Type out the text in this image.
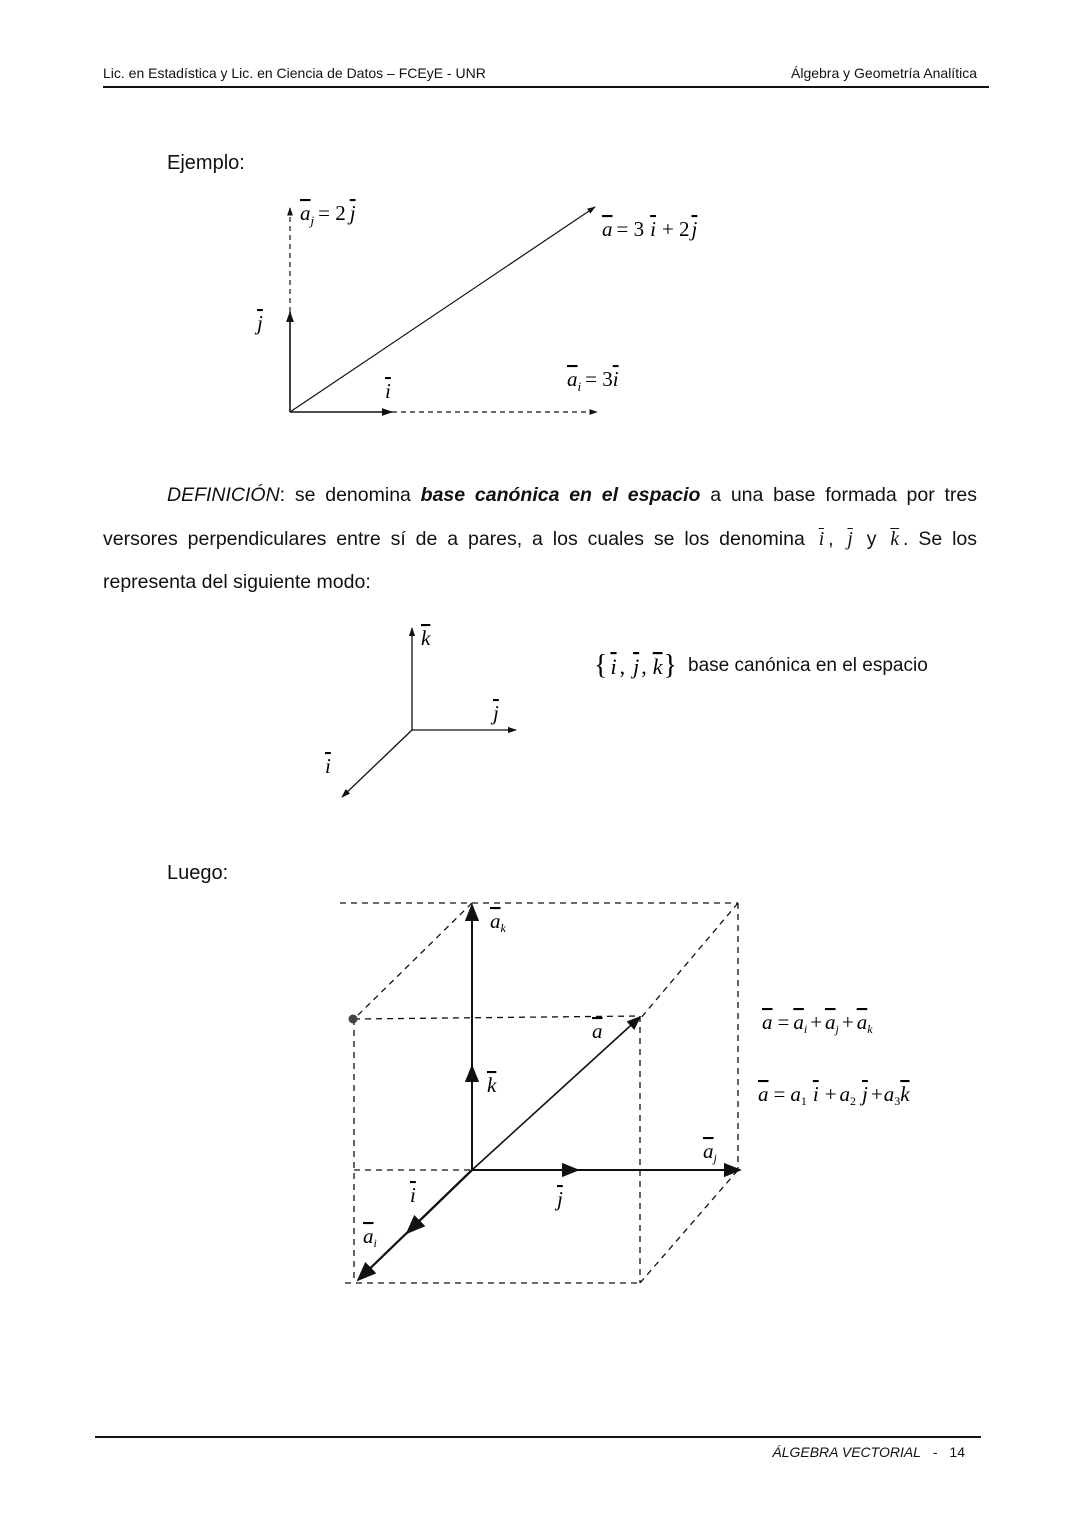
Lic. en Estadística y Lic. en Ciencia de Datos – FCEyE - UNR	Álgebra y Geometría Analítica
Ejemplo:
$a_j = 2$ j
a = 3 i + 2j
j
i	$a_i = 3i$
k
j
i
{ i , j, k}
ak
a
k
aj
i	j
ai
a = ai + aj + ak
a = a1 i + a2 j +a3k

DEFINICIÓN: se denomina base canónica en el espacio a una base formada por tres versores perpendiculares entre sí de a pares, a los cuales se los denomina $\overline{i}$ , $\overline{j}$ y $\overline{k}$ . Se los representa del siguiente modo:

base canónica en el espacio
Luego:
ÁLGEBRA VECTORIAL - 14
